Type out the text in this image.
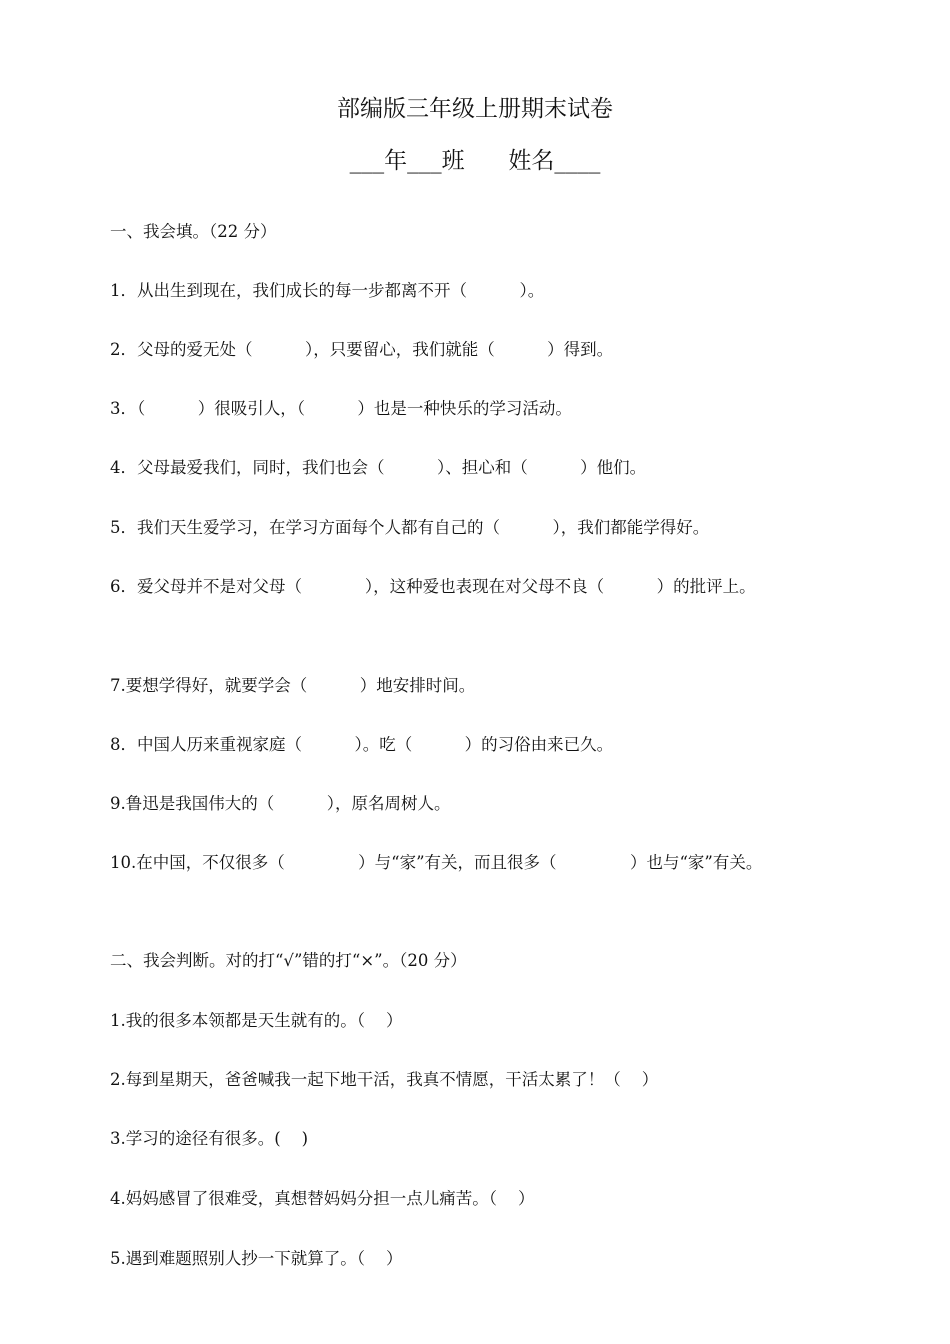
部编版三年级上册期末试卷
___年___班      姓名____
一、我会填。（22 分）
1．从出生到现在，我们成长的每一步都离不开（          ）。
2．父母的爱无处（          ），只要留心，我们就能（          ）得到。
3．（          ）很吸引人，（          ）也是一种快乐的学习活动。
4．父母最爱我们，同时，我们也会（          ）、担心和（          ）他们。
5．我们天生爱学习，在学习方面每个人都有自己的（          ），我们都能学得好。
6．爱父母并不是对父母（            ），这种爱也表现在对父母不良（          ）的批评上。
7.要想学得好，就要学会（          ）地安排时间。
8．中国人历来重视家庭（          ）。吃（          ）的习俗由来已久。
9.鲁迅是我国伟大的（          ），原名周树人。
10.在中国，不仅很多（              ）与“家”有关，而且很多（              ）也与“家”有关。
二、我会判断。对的打“√”错的打“×”。（20 分）
1.我的很多本领都是天生就有的。（    ）
2.每到星期天，爸爸喊我一起下地干活，我真不情愿，干活太累了！（    ）
3.学习的途径有很多。(    )
4.妈妈感冒了很难受，真想替妈妈分担一点儿痛苦。（    ）
5.遇到难题照别人抄一下就算了。（    ）
